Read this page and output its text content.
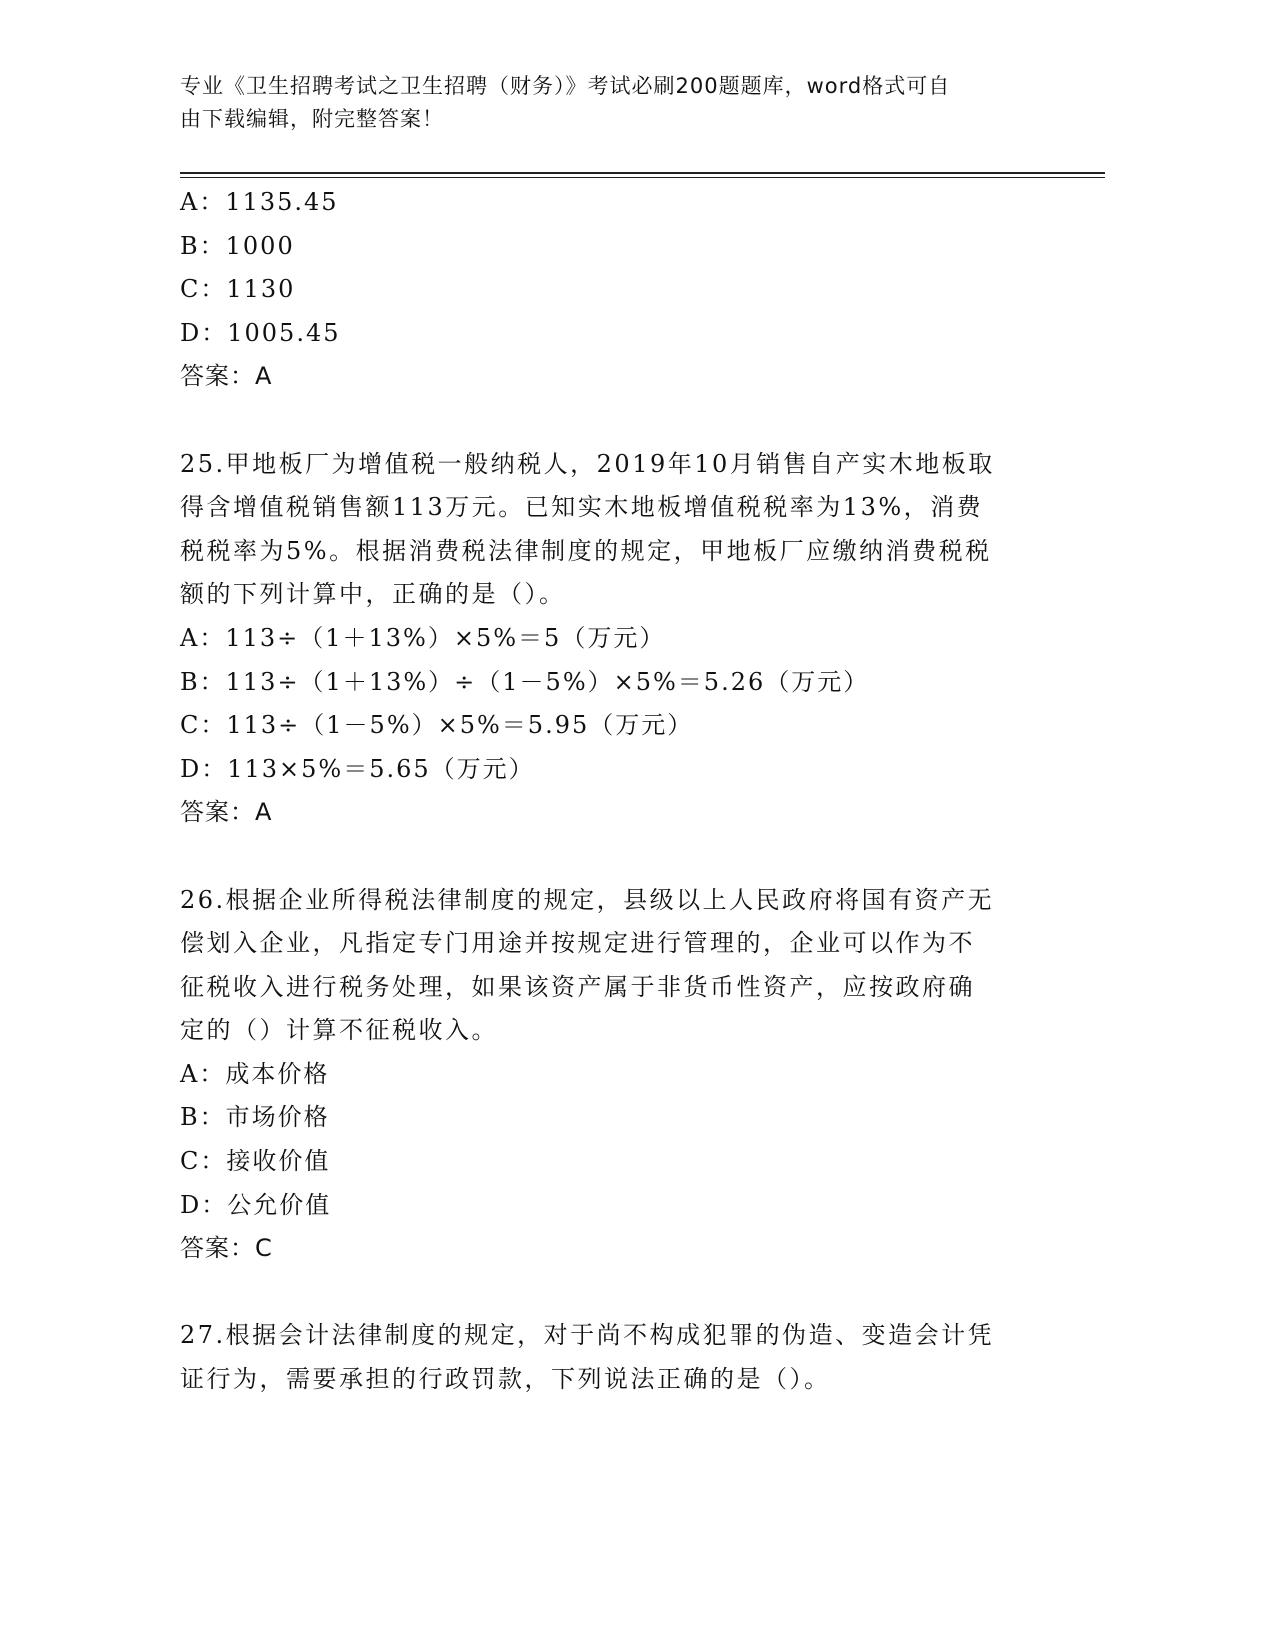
专业《卫生招聘考试之卫生招聘（财务）》考试必刷200题题库，word格式可自
由下载编辑，附完整答案！
A：1135.45
B：1000
C：1130
D：1005.45
答案：A
25.甲地板厂为增值税一般纳税人，2019年10月销售自产实木地板取
得含增值税销售额113万元。已知实木地板增值税税率为13%，消费
税税率为5%。根据消费税法律制度的规定，甲地板厂应缴纳消费税税
额的下列计算中，正确的是（）。
A：113÷（1＋13%）×5%＝5（万元）
B：113÷（1＋13%）÷（1－5%）×5%＝5.26（万元）
C：113÷（1－5%）×5%＝5.95（万元）
D：113×5%＝5.65（万元）
答案：A
26.根据企业所得税法律制度的规定，县级以上人民政府将国有资产无
偿划入企业，凡指定专门用途并按规定进行管理的，企业可以作为不
征税收入进行税务处理，如果该资产属于非货币性资产，应按政府确
定的（）计算不征税收入。
A：成本价格
B：市场价格
C：接收价值
D：公允价值
答案：C
27.根据会计法律制度的规定，对于尚不构成犯罪的伪造、变造会计凭
证行为，需要承担的行政罚款，下列说法正确的是（）。
